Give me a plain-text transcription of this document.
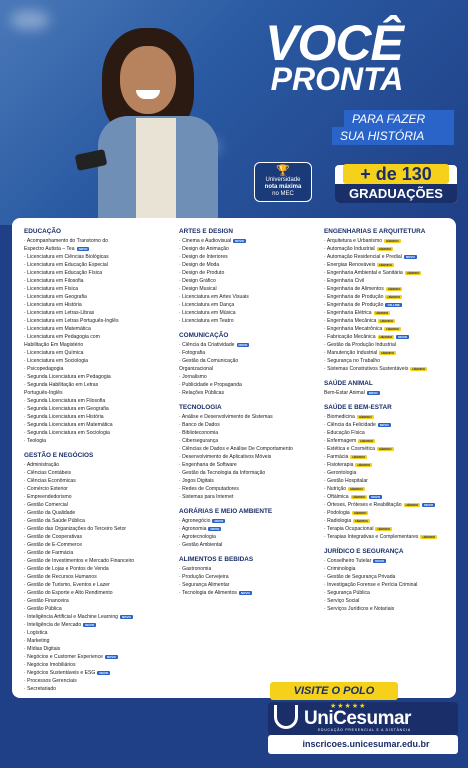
VOCÊ
PRONTA
PARA FAZER
SUA HISTÓRIA
🏆
Universidade
nota máxima
no MEC
+ de 130
GRADUAÇÕES
EDUCAÇÃO
· Acompanhamento do Transtorno do
Espectro Autista – Tea NOVO
· Licenciatura em Ciências Biológicas
· Licenciatura em Educação Especial
· Licenciatura em Educação Física
· Licenciatura em Filosofia
· Licenciatura em Física
· Licenciatura em Geografia
· Licenciatura em História
· Licenciatura em Letras-Libras
· Licenciatura em Letras Português-Inglês
· Licenciatura em Matemática
· Licenciatura em Pedagogia com
Habilitação Em Magistério
· Licenciatura em Química
· Licenciatura em Sociologia
· Psicopedagogia
· Segunda Licenciatura em Pedagogia
· Segunda Habilitação em Letras
Português-Inglês
· Segunda Licenciatura em Filosofia
· Segunda Licenciatura em Geografia
· Segunda Licenciatura em História
· Segunda Licenciatura em Matemática
· Segunda Licenciatura em Sociologia
· Teologia
GESTÃO E NEGÓCIOS
· Administração
· Ciências Contábeis
· Ciências Econômicas
· Comércio Exterior
· Empreendedorismo
· Gestão Comercial
· Gestão da Qualidade
· Gestão da Saúde Pública
· Gestão das Organizações do Terceiro Setor
· Gestão de Cooperativas
· Gestão de E-Commerce
· Gestão de Farmácia
· Gestão de Investimentos e Mercado Financeiro
· Gestão de Lojas e Pontos de Venda
· Gestão de Recursos Humanos
· Gestão de Turismo, Eventos e Lazer
· Gestão do Esporte e Alto Rendimento
· Gestão Financeira
· Gestão Pública
· Inteligência Artificial e Machine Learning NOVO
· Inteligência de Mercado NOVO
· Logística
· Marketing
· Mídias Digitais
· Negócios e Customer Experience NOVO
· Negócios Imobiliários
· Negócios Sustentáveis e ESG NOVO
· Processos Gerenciais
· Secretariado
ARTES E DESIGN
· Cinema e Audiovisual NOVO
· Design de Animação
· Design de Interiores
· Design de Moda
· Design de Produto
· Design Gráfico
· Design Musical
· Licenciatura em Artes Visuais
· Licenciatura em Dança
· Licenciatura em Música
· Licenciatura em Teatro
COMUNICAÇÃO
· Ciência da Criatividade NOVO
· Fotografia
· Gestão da Comunicação
Organizacional
· Jornalismo
· Publicidade e Propaganda
· Relações Públicas
TECNOLOGIA
· Análise e Desenvolvimento de Sistemas
· Banco de Dados
· Biblioteconomia
· Cibersegurança
· Ciências de Dados e Análise De Comportamento
· Desenvolvimento de Aplicativos Móveis
· Engenharia de Software
· Gestão da Tecnologia da Informação
· Jogos Digitais
· Redes de Computadores
· Sistemas para Internet
AGRÁRIAS E MEIO AMBIENTE
· Agronegócio NOVO
· Agronomia NOVO
· Agrotecnologia
· Gestão Ambiental
ALIMENTOS E BEBIDAS
· Gastronomia
· Produção Cervejeira
· Segurança Alimentar
· Tecnologia de Alimentos NOVO
ENGENHARIAS E ARQUITETURA
· Arquitetura e Urbanismo HÍBRIDO
· Automação Industrial HÍBRIDO
· Automação Residencial e Predial NOVO
· Energias Renováveis HÍBRIDO
· Engenharia Ambiental e Sanitária HÍBRIDO
· Engenharia Civil
· Engenharia de Alimentos HÍBRIDO
· Engenharia de Produção HÍBRIDO
· Engenharia de Produção ON-LINE
· Engenharia Elétrica HÍBRIDO
· Engenharia Mecânica HÍBRIDO
· Engenharia Mecatrônica HÍBRIDO
· Fabricação Mecânica HÍBRIDO NOVO
· Gestão da Produção Industrial
· Manutenção Industrial HÍBRIDO
· Segurança no Trabalho
· Sistemas Construtivos Sustentáveis HÍBRIDO
SAÚDE ANIMAL
Bem-Estar Animal NOVO
SAÚDE E BEM-ESTAR
· Biomedicina HÍBRIDO
· Ciência da Felicidade NOVO
· Educação Física
· Enfermagem HÍBRIDO
· Estética e Cosmética HÍBRIDO
· Farmácia HÍBRIDO
· Fisioterapia HÍBRIDO
· Gerontologia
· Gestão Hospitalar
· Nutrição HÍBRIDO
· Oftálmica HÍBRIDO NOVO
· Órteses, Próteses e Reabilitação HÍBRIDO NOVO
· Podologia HÍBRIDO
· Radiologia HÍBRIDO
· Terapia Ocupacional HÍBRIDO
· Terapias Integrativas e Complementares HÍBRIDO
JURÍDICO E SEGURANÇA
· Conselheiro Tutelar NOVO
· Criminologia
· Gestão de Segurança Privada
· Investigação Forense e Perícia Criminal
· Segurança Pública
· Serviço Social
· Serviços Jurídicos e Notariais
*consulte disponibilidade dos cursos em sua cidade.
VISITE O POLO
★★★★★
UniCesumar
EDUCAÇÃO PRESENCIAL E A DISTÂNCIA
inscricoes.unicesumar.edu.br
